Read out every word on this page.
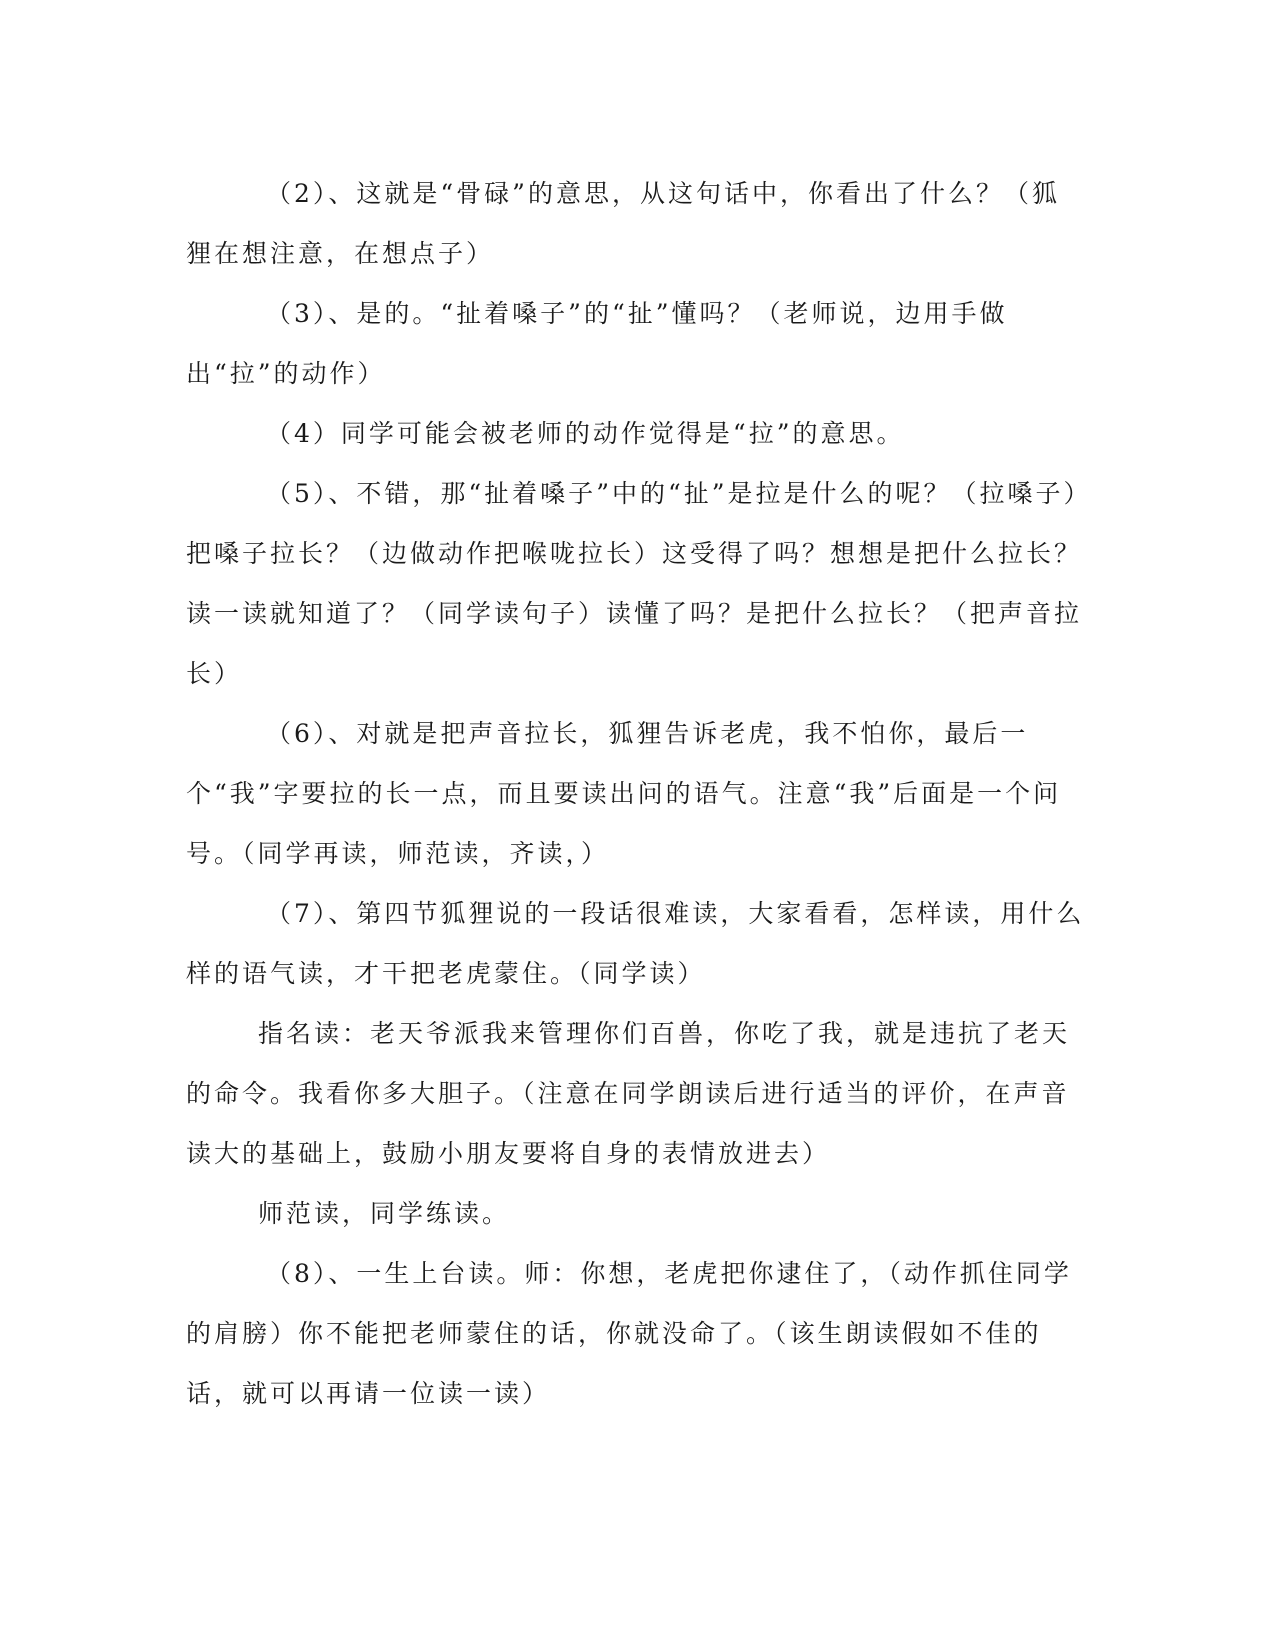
（2）、这就是“骨碌”的意思，从这句话中，你看出了什么？（狐狸在想注意，在想点子）

（3）、是的。“扯着嗓子”的“扯”懂吗？（老师说，边用手做出“拉”的动作）

（4）同学可能会被老师的动作觉得是“拉”的意思。

（5）、不错，那“扯着嗓子”中的“扯”是拉是什么的呢？（拉嗓子）把嗓子拉长？（边做动作把喉咙拉长）这受得了吗？想想是把什么拉长？读一读就知道了？（同学读句子）读懂了吗？是把什么拉长？（把声音拉长）

（6）、对就是把声音拉长，狐狸告诉老虎，我不怕你，最后一个“我”字要拉的长一点，而且要读出问的语气。注意“我”后面是一个问号。（同学再读，师范读，齐读，）

（7）、第四节狐狸说的一段话很难读，大家看看，怎样读，用什么样的语气读，才干把老虎蒙住。（同学读）

指名读：老天爷派我来管理你们百兽，你吃了我，就是违抗了老天的命令。我看你多大胆子。（注意在同学朗读后进行适当的评价，在声音读大的基础上，鼓励小朋友要将自身的表情放进去）

师范读，同学练读。

（8）、一生上台读。师：你想，老虎把你逮住了，（动作抓住同学的肩膀）你不能把老师蒙住的话，你就没命了。（该生朗读假如不佳的话，就可以再请一位读一读）
